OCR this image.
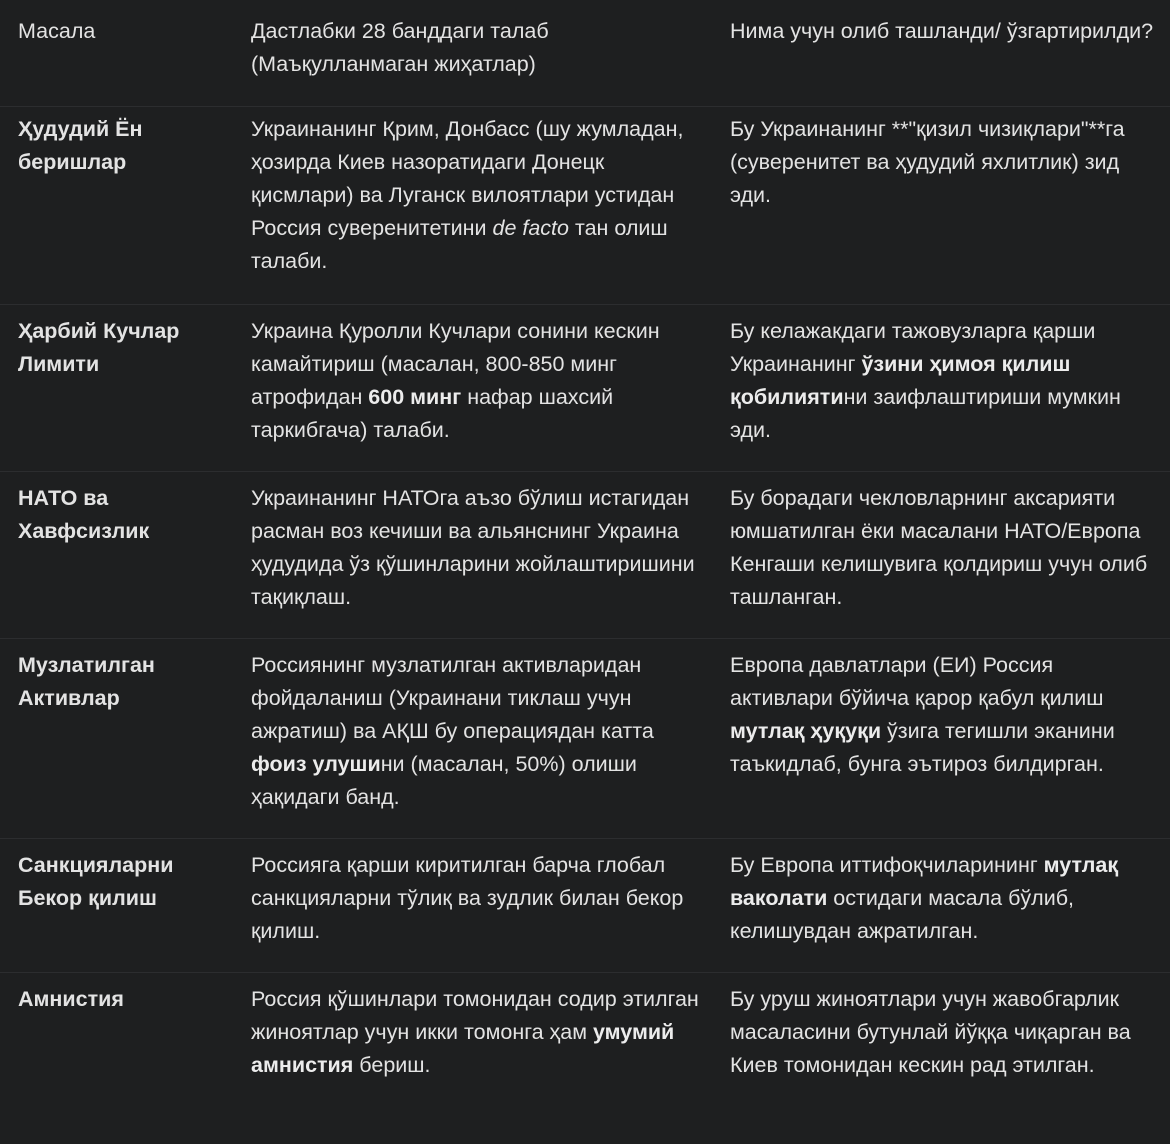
Масала	Дастлабки 28 банддаги талаб (Маъқулланмаган жиҳатлар)
Нима учун олиб ташланди/ ўзгартирилди?
Ҳудудий Ён беришлар
Украинанинг Қрим, Донбасс (шу жумладан, ҳозирда Киев назоратидаги Донецк қисмлари) ва Луганск вилоятлари устидан Россия суверенитетини de facto тан олиш талаби.
Бу Украинанинг **"қизил чизиқлари"**га (суверенитет ва ҳудудий яхлитлик) зид эди.
Ҳарбий Кучлар Лимити
Украина Қуролли Кучлари сонини кескин камайтириш (масалан, 800-850 минг атрофидан 600 минг нафар шахсий таркибгача) талаби.
Бу келажакдаги тажовузларга қарши Украинанинг ўзини ҳимоя қилиш қобилиятини заифлаштириши мумкин эди.
НАТО ва Хавфсизлик
Украинанинг НАТОга аъзо бўлиш истагидан расман воз кечиши ва альянснинг Украина ҳудудида ўз қўшинларини жойлаштиришини тақиқлаш.
Бу борадаги чекловларнинг аксарияти юмшатилган ёки масалани НАТО/Европа Кенгаши келишувига қолдириш учун олиб ташланган.
Музлатилган Активлар
Россиянинг музлатилган активларидан фойдаланиш (Украинани тиклаш учун ажратиш) ва АҚШ бу операциядан катта фоиз улушини (масалан, 50%) олиши ҳақидаги банд.
Европа давлатлари (ЕИ) Россия активлари бўйича қарор қабул қилиш мутлақ ҳуқуқи ўзига тегишли эканини таъкидлаб, бунга эътироз билдирган.
Санкцияларни Бекор қилиш
Россияга қарши киритилган барча глобал санкцияларни тўлиқ ва зудлик билан бекор қилиш.
Бу Европа иттифоқчиларининг мутлақ ваколати остидаги масала бўлиб, келишувдан ажратилган.
Амнистия	Россия қўшинлари томонидан содир этилган жиноятлар учун икки томонга ҳам умумий амнистия бериш.
Бу уруш жиноятлари учун жавобгарлик масаласини бутунлай йўққа чиқарган ва Киев томонидан кескин рад этилган.
